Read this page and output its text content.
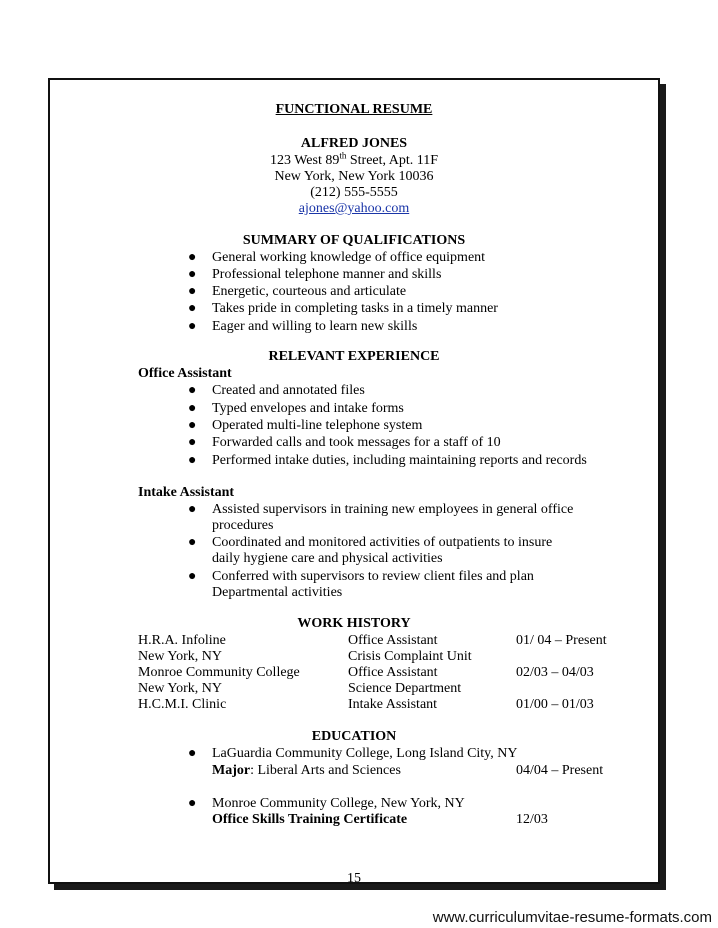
FUNCTIONAL RESUME
ALFRED JONES
123 West 89th Street, Apt. 11F
New York, New York 10036
(212) 555-5555
ajones@yahoo.com
SUMMARY OF QUALIFICATIONS
● General working knowledge of office equipment
● Professional telephone manner and skills
● Energetic, courteous and articulate
● Takes pride in completing tasks in a timely manner
● Eager and willing to learn new skills
RELEVANT EXPERIENCE
Office Assistant
● Created and annotated files
● Typed envelopes and intake forms
● Operated multi-line telephone system
● Forwarded calls and took messages for a staff of 10
● Performed intake duties, including maintaining reports and records
Intake Assistant
● Assisted supervisors in training new employees in general office
procedures
● Coordinated and monitored activities of outpatients to insure
daily hygiene care and physical activities
● Conferred with supervisors to review client files and plan
Departmental activities
WORK HISTORY
H.R.A. Infoline	Office Assistant	01/ 04 – Present
New York, NY	Crisis Complaint Unit
Monroe Community College	Office Assistant	02/03 – 04/03
New York, NY	Science Department
H.C.M.I. Clinic	Intake Assistant	01/00 – 01/03
EDUCATION
● LaGuardia Community College, Long Island City, NY
Major: Liberal Arts and Sciences	04/04 – Present
● Monroe Community College, New York, NY
Office Skills Training Certificate	12/03
15
www.curriculumvitae-resume-formats.com
